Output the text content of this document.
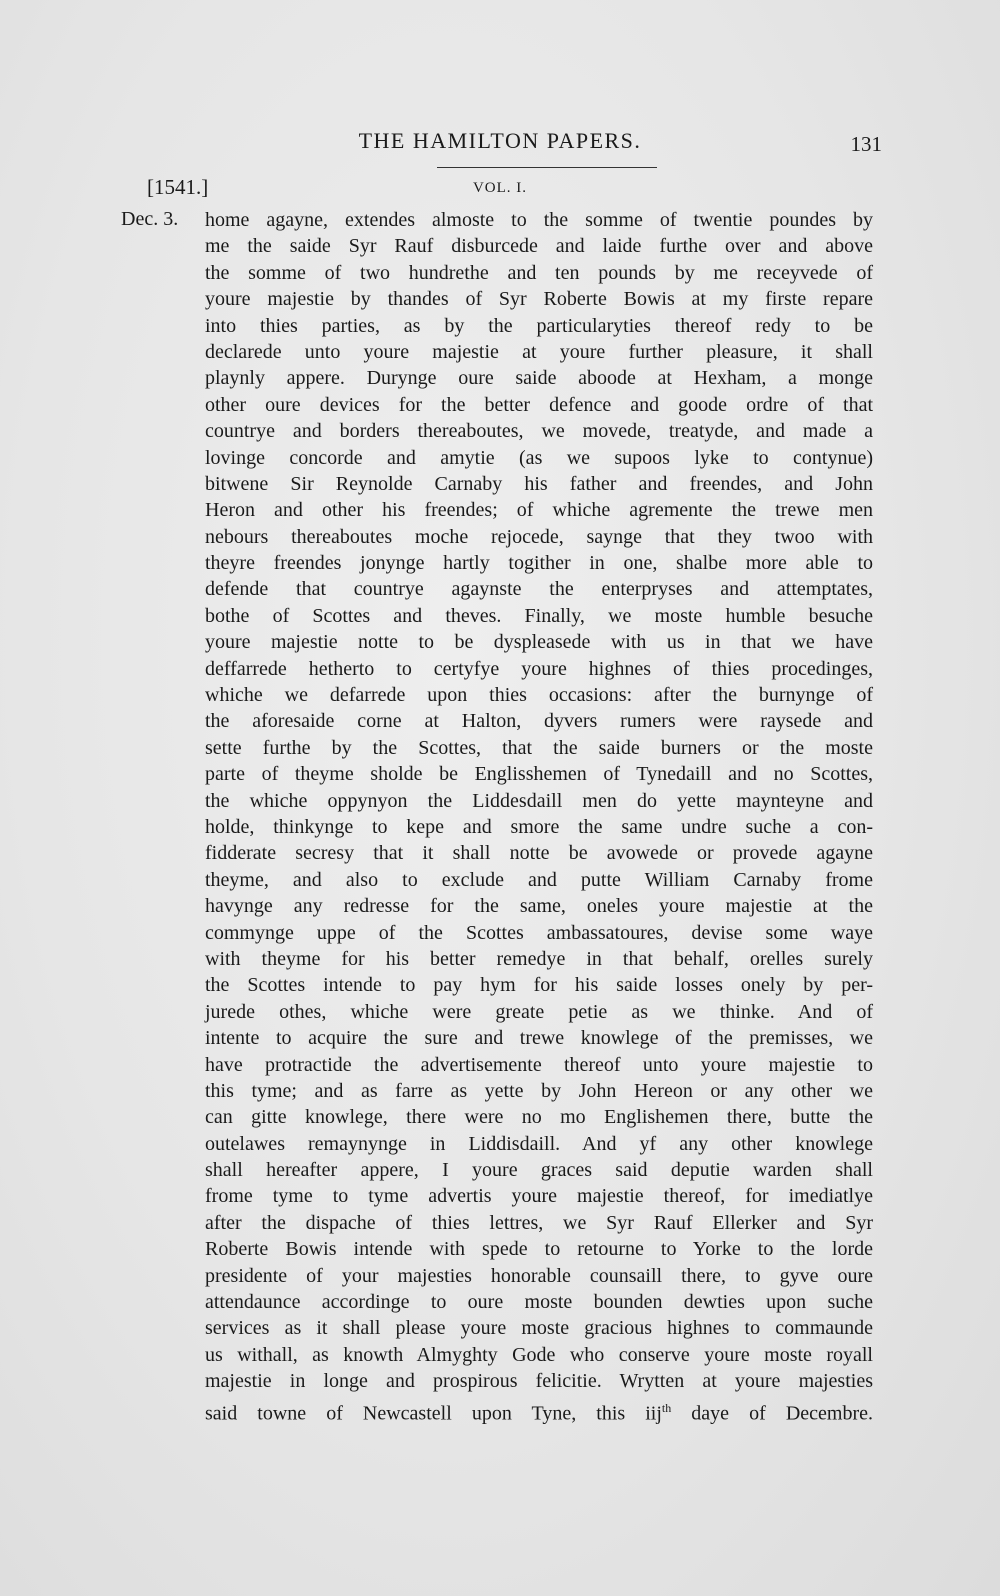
THE HAMILTON PAPERS.	131
[1541.]	VOL. I.
Dec. 3. home agayne, extendes almoste to the somme of twentie poundes by
me the saide Syr Rauf disburcede and laide furthe over and above
the somme of two hundrethe and ten pounds by me receyvede of
youre majestie by thandes of Syr Roberte Bowis at my firste repare
into thies parties, as by the particularyties thereof redy to be
declarede unto youre majestie at youre further pleasure, it shall
playnly appere. Durynge oure saide aboode at Hexham, a monge
other oure devices for the better defence and goode ordre of that
countrye and borders thereaboutes, we movede, treatyde, and made a
lovinge concorde and amytie (as we supoos lyke to contynue)
bitwene Sir Reynolde Carnaby his father and freendes, and John
Heron and other his freendes; of whiche agremente the trewe men
nebours thereaboutes moche rejocede, saynge that they twoo with
theyre freendes jonynge hartly togither in one, shalbe more able to
defende that countrye agaynste the enterpryses and attemptates,
bothe of Scottes and theves. Finally, we moste humble besuche
youre majestie notte to be dyspleasede with us in that we have
deffarrede hetherto to certyfye youre highnes of thies procedinges,
whiche we defarrede upon thies occasions: after the burnynge of
the aforesaide corne at Halton, dyvers rumers were raysede and
sette furthe by the Scottes, that the saide burners or the moste
parte of theyme sholde be Englisshemen of Tynedaill and no Scottes,
the whiche oppynyon the Liddesdaill men do yette maynteyne and
holde, thinkynge to kepe and smore the same undre suche a con-
fidderate secresy that it shall notte be avowede or provede agayne
theyme, and also to exclude and putte William Carnaby frome
havynge any redresse for the same, oneles youre majestie at the
commynge uppe of the Scottes ambassatoures, devise some waye
with theyme for his better remedye in that behalf, orelles surely
the Scottes intende to pay hym for his saide losses onely by per-
jurede othes, whiche were greate petie as we thinke. And of
intente to acquire the sure and trewe knowlege of the premisses, we
have protractide the advertisemente thereof unto youre majestie to
this tyme; and as farre as yette by John Hereon or any other we
can gitte knowlege, there were no mo Englishemen there, butte the
outelawes remaynynge in Liddisdaill. And yf any other knowlege
shall hereafter appere, I youre graces said deputie warden shall
frome tyme to tyme advertis youre majestie thereof, for imediatlye
after the dispache of thies lettres, we Syr Rauf Ellerker and Syr
Roberte Bowis intende with spede to retourne to Yorke to the lorde
presidente of your majesties honorable counsaill there, to gyve oure
attendaunce accordinge to oure moste bounden dewties upon suche
services as it shall please youre moste gracious highnes to commaunde
us withall, as knowth Almyghty Gode who conserve youre moste royall
majestie in longe and prospirous felicitie. Wrytten at youre majesties
said towne of Newcastell upon Tyne, this iij$^{th}$ daye of Decembre.
